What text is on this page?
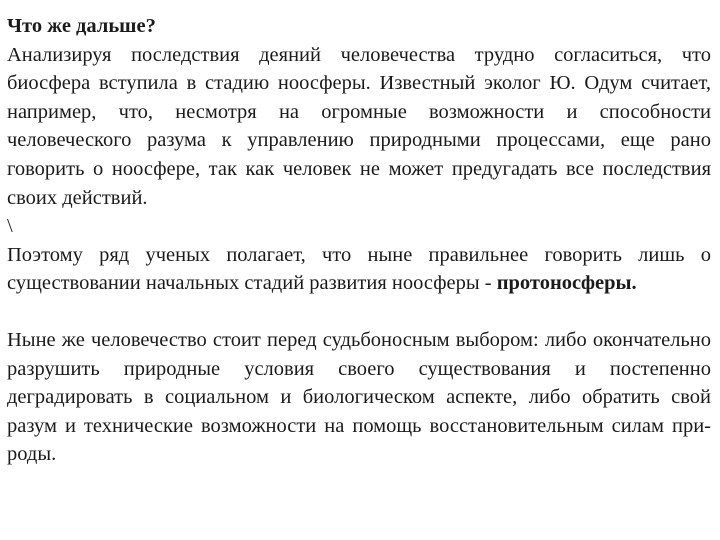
Что же дальше?

Анализируя последствия деяний человечества трудно согласиться, что биосфера вступила в стадию ноосферы. Известный эколог Ю. Одум считает, например, что, несмотря на огромные возможности и способности человеческого разума к управлению природными процессами, еще рано говорить о ноосфере, так как человек не может предугадать все последствия своих действий.

\

Поэтому ряд ученых полагает, что ныне правильнее говорить лишь о существовании начальных стадий развития ноосферы - протоносферы.

Ныне же человечество стоит перед судьбоносным выбором: либо окончательно разрушить природные условия своего существования и постепенно деградировать в социальном и биологическом аспекте, либо обратить свой разум и технические возможности на помощь восстановительным силам при-роды.
